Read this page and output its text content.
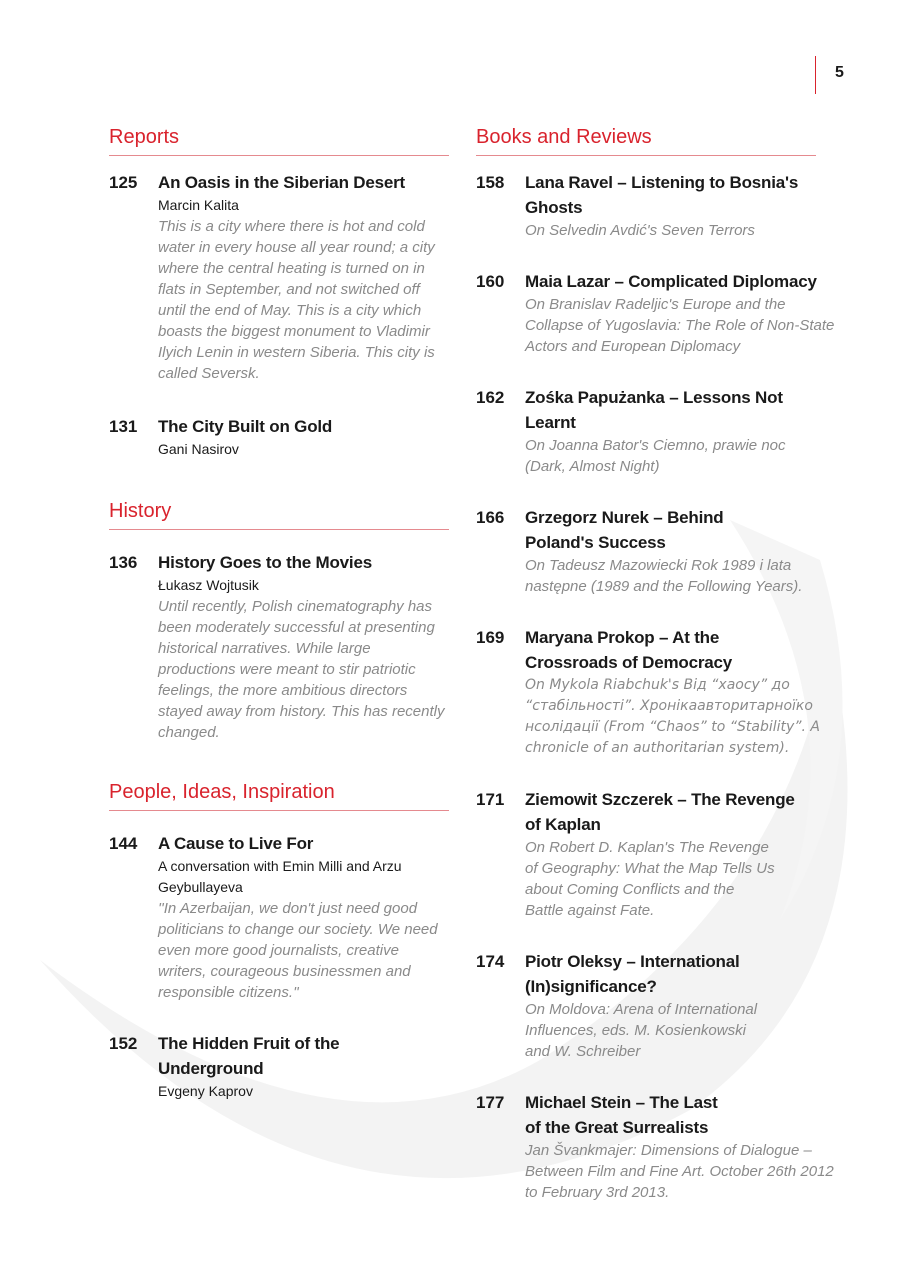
5
Reports
125 An Oasis in the Siberian Desert
Marcin Kalita
This is a city where there is hot and cold water in every house all year round; a city where the central heating is turned on in flats in September, and not switched off until the end of May. This is a city which boasts the biggest monument to Vladimir Ilyich Lenin in western Siberia. This city is called Seversk.
131 The City Built on Gold
Gani Nasirov
History
136 History Goes to the Movies
Łukasz Wojtusik
Until recently, Polish cinematography has been moderately successful at presenting historical narratives. While large productions were meant to stir patriotic feelings, the more ambitious directors stayed away from history. This has recently changed.
People, Ideas, Inspiration
144 A Cause to Live For
A conversation with Emin Milli and Arzu Geybullayeva
''In Azerbaijan, we don't just need good politicians to change our society. We need even more good journalists, creative writers, courageous businessmen and responsible citizens.''
152 The Hidden Fruit of the Underground
Evgeny Kaprov
Books and Reviews
158 Lana Ravel – Listening to Bosnia's Ghosts
On Selvedin Avdić's Seven Terrors
160 Maia Lazar – Complicated Diplomacy
On Branislav Radeljic's Europe and the Collapse of Yugoslavia: The Role of Non-State Actors and European Diplomacy
162 Zośka Papużanka – Lessons Not Learnt
On Joanna Bator's Ciemno, prawie noc (Dark, Almost Night)
166 Grzegorz Nurek – Behind Poland's Success
On Tadeusz Mazowiecki Rok 1989 i lata następne (1989 and the Following Years).
169 Maryana Prokop – At the Crossroads of Democracy
On Mykola Riabchuk's Від “хаосу” до “стабільності”. Хронікаавторитарноїко нсолідації (From “Chaos” to “Stability”. A chronicle of an authoritarian system).
171 Ziemowit Szczerek – The Revenge of Kaplan
On Robert D. Kaplan's The Revenge of Geography: What the Map Tells Us about Coming Conflicts and the Battle against Fate.
174 Piotr Oleksy – International (In)significance?
On Moldova: Arena of International Influences, eds. M. Kosienkowski and W. Schreiber
177 Michael Stein – The Last of the Great Surrealists
Jan Švankmajer: Dimensions of Dialogue – Between Film and Fine Art. October 26th 2012 to February 3rd 2013.
